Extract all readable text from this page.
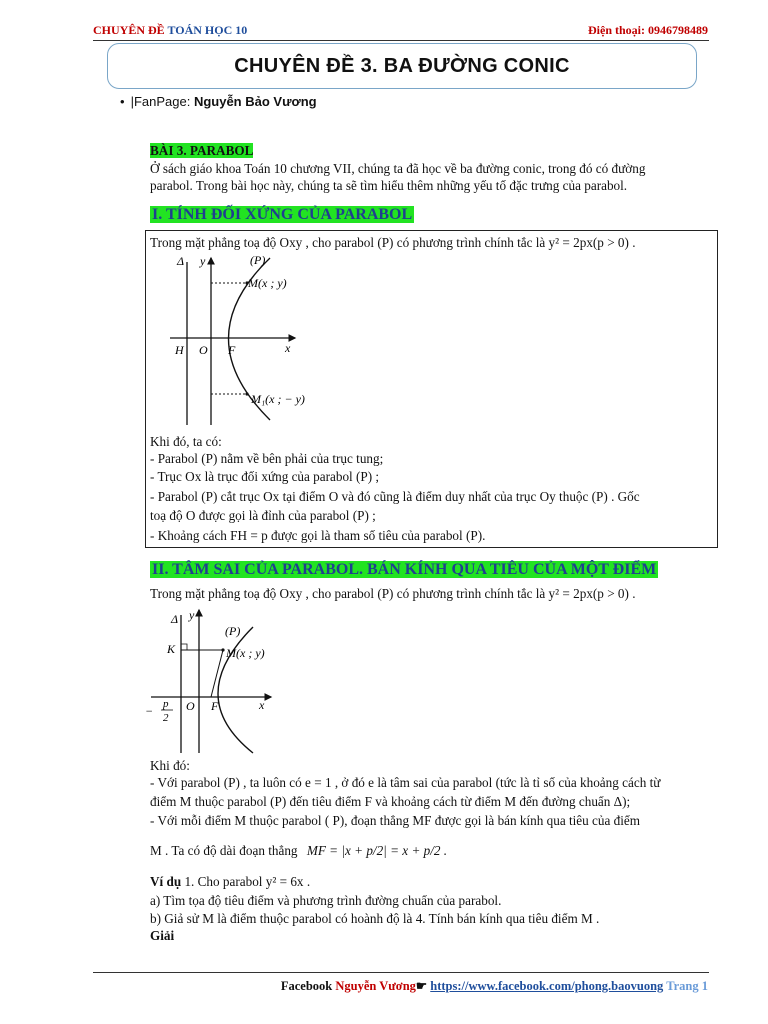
CHUYÊN ĐỀ TOÁN HỌC 10	Điện thoại: 0946798489
CHUYÊN ĐỀ 3. BA ĐƯỜNG CONIC
• |FanPage: Nguyễn Bảo Vương
BÀI 3. PARABOL
Ở sách giáo khoa Toán 10 chương VII, chúng ta đã học về ba đường conic, trong đó có đường
parabol. Trong bài học này, chúng ta sẽ tìm hiểu thêm những yếu tố đặc trưng của parabol.
I. TÍNH ĐỐI XỨNG CỦA PARABOL
Trong mặt phẳng toạ độ Oxy , cho parabol (P) có phương trình chính tắc là y² = 2px(p > 0) .
Δ y	(P)
M(x ; y)
H O F	x
M₁(x ; − y)
Khi đó, ta có:
- Parabol (P) nằm về bên phải của trục tung;
- Trục Ox là trục đối xứng của parabol (P) ;
- Parabol (P) cắt trục Ox tại điểm O và đó cũng là điểm duy nhất của trục Oy thuộc (P) . Gốc
toạ độ O được gọi là đỉnh của parabol (P) ;
- Khoảng cách FH = p được gọi là tham số tiêu của parabol (P).
II. TÂM SAI CỦA PARABOL. BÁN KÍNH QUA TIÊU CỦA MỘT ĐIỂM
Trong mặt phẳng toạ độ Oxy , cho parabol (P) có phương trình chính tắc là y² = 2px(p > 0) .
Δ y
(P)
K	M(x ; y)
O F	x
− p
2
Khi đó:
- Với parabol (P) , ta luôn có e = 1 , ở đó e là tâm sai của parabol (tức là tỉ số của khoảng cách từ
điểm M thuộc parabol (P) đến tiêu điểm F và khoảng cách từ điểm M đến đường chuẩn Δ);
- Với mỗi điểm M thuộc parabol ( P), đoạn thẳng MF được gọi là bán kính qua tiêu của điểm
M . Ta có độ dài đoạn thẳng MF = |x + p/2| = x + p/2 .
Ví dụ 1. Cho parabol y² = 6x .
a) Tìm tọa độ tiêu điểm và phương trình đường chuẩn của parabol.
b) Giả sử M là điểm thuộc parabol có hoành độ là 4. Tính bán kính qua tiêu điểm M .
Giải
Facebook Nguyễn Vương☛ https://www.facebook.com/phong.baovuong Trang 1
